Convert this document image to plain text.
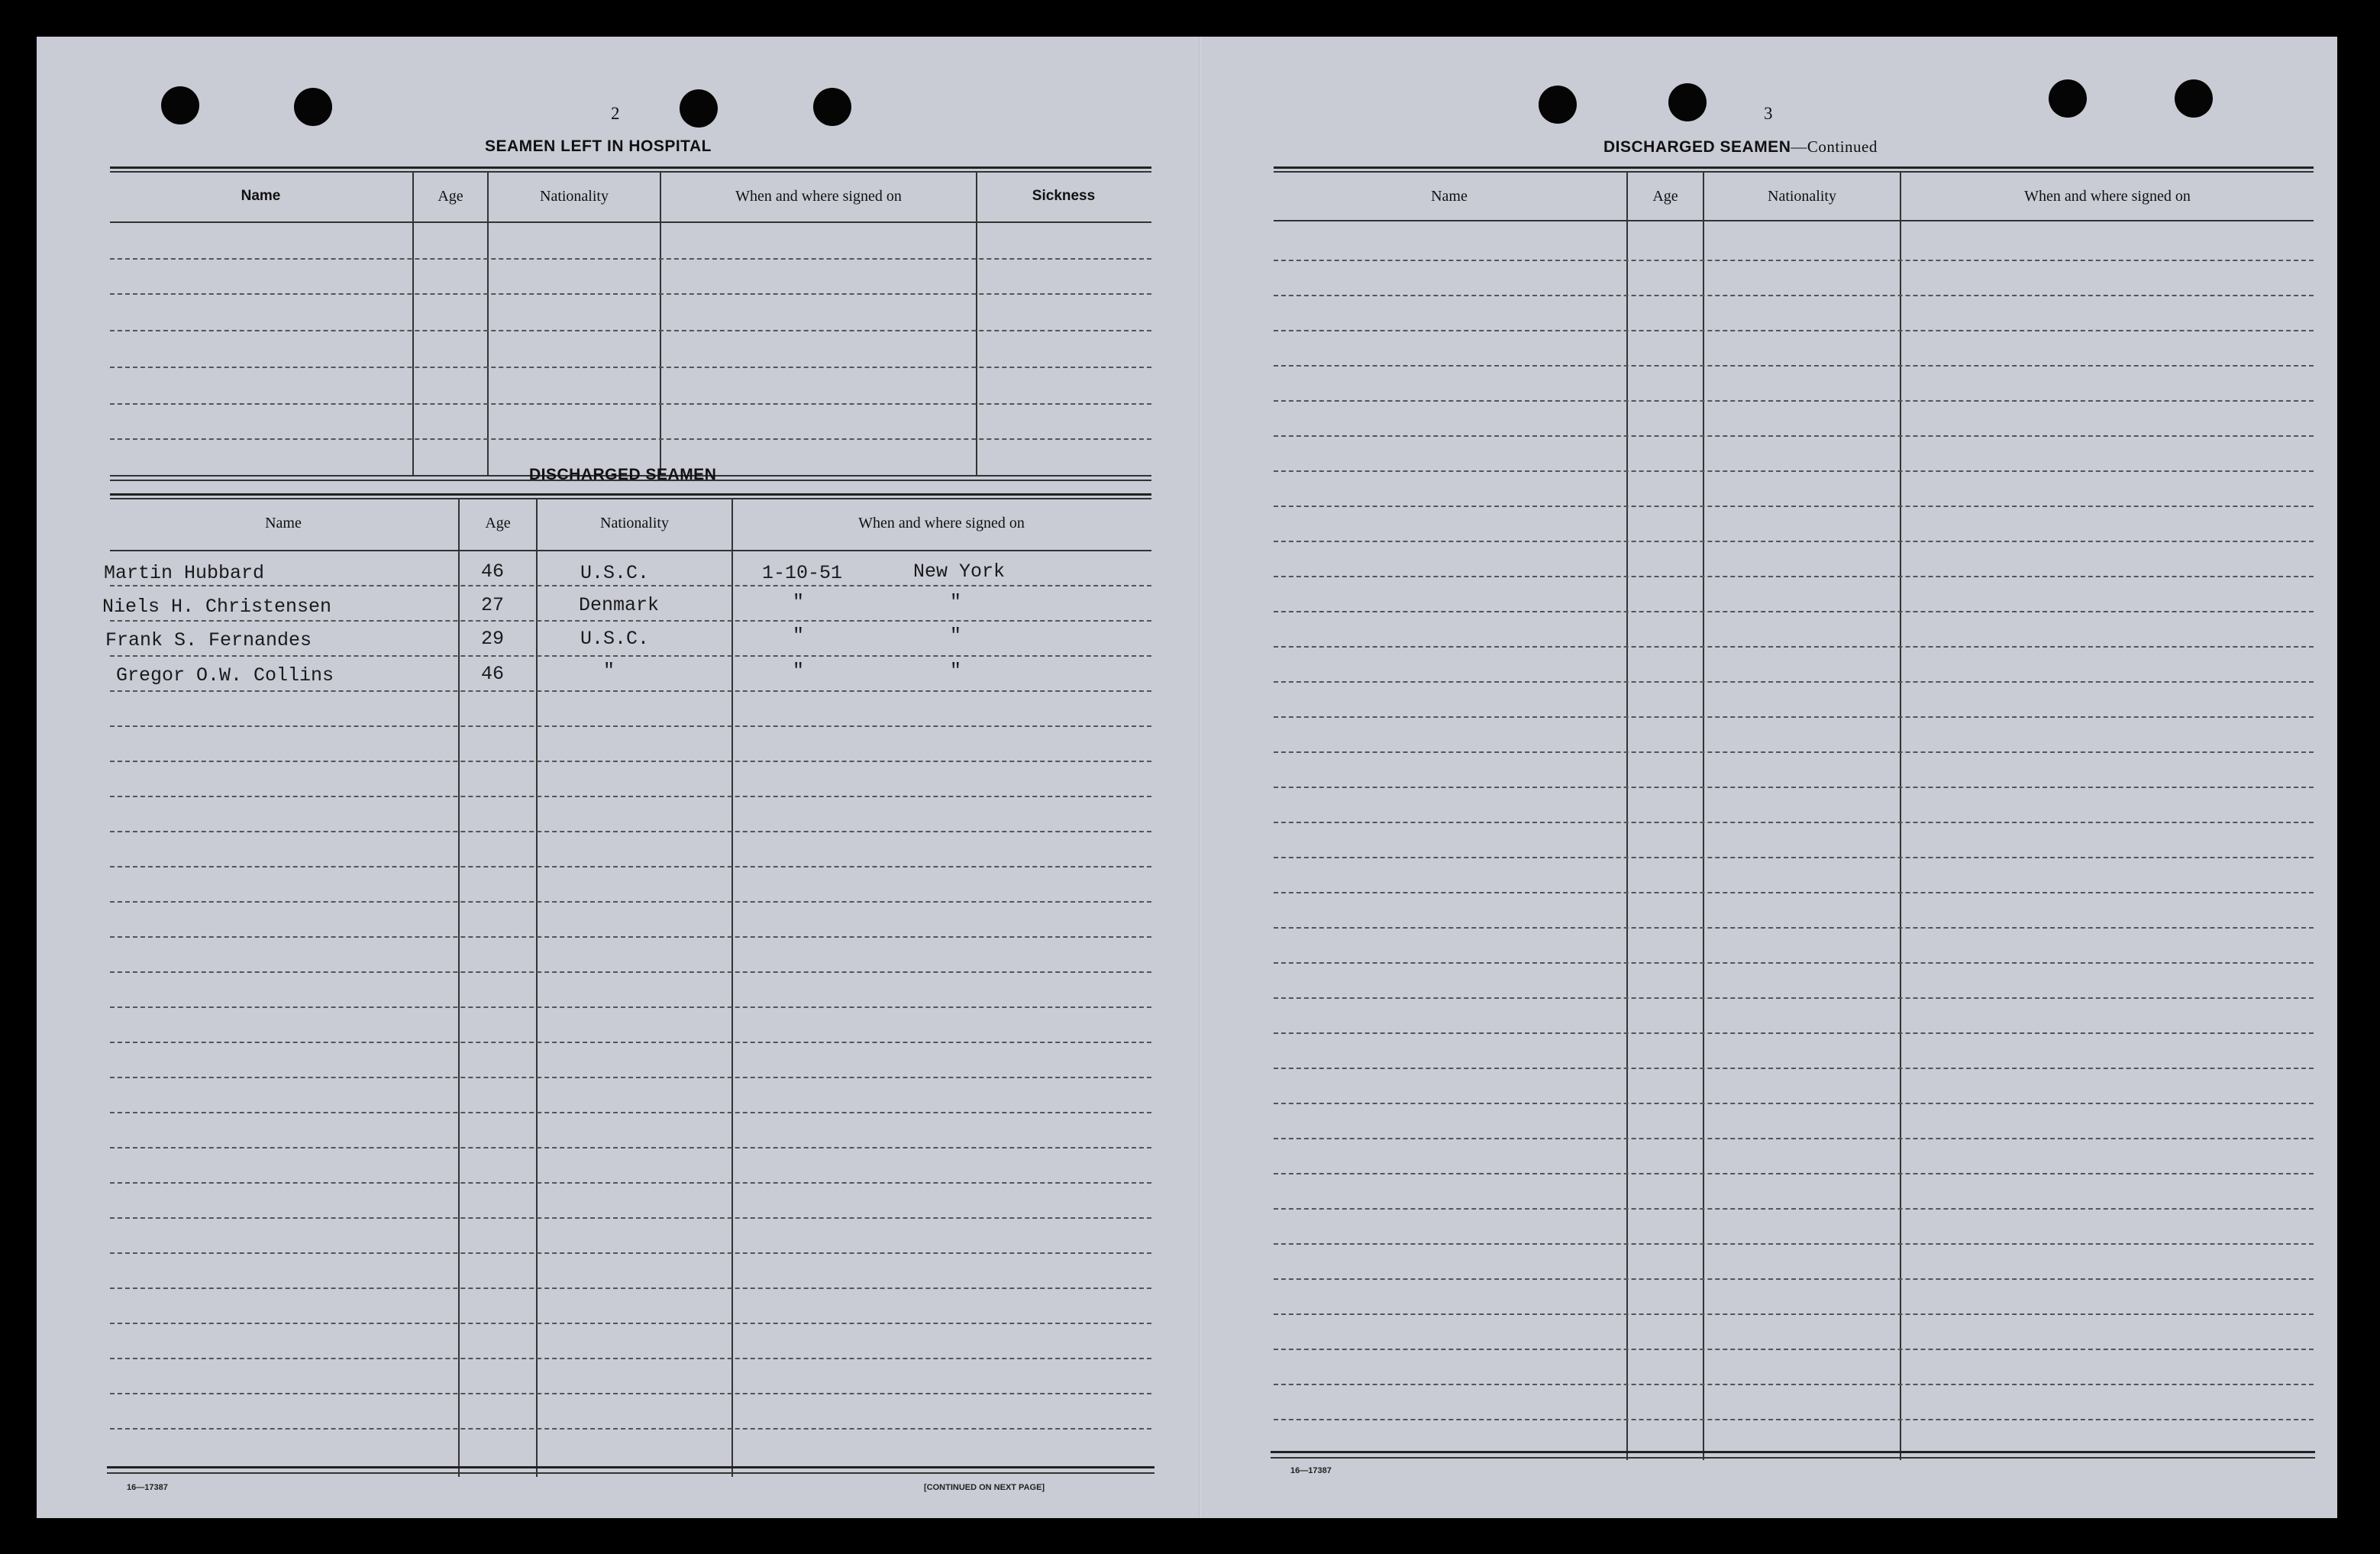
2
SEAMEN LEFT IN HOSPITAL
Name	Age	Nationality	When and where signed on	Sickness
DISCHARGED SEAMEN
Name	Age	Nationality	When and where signed on
Martin Hubbard	46	U.S.C.	1-10-51	New York
Niels H. Christensen	27	Denmark	"	"
Frank S. Fernandes	29	U.S.C.	"	"
Gregor O.W. Collins	46	"	"	"
16—17387	[CONTINUED ON NEXT PAGE]
3
DISCHARGED SEAMEN—Continued
Name	Age	Nationality	When and where signed on
16—17387
